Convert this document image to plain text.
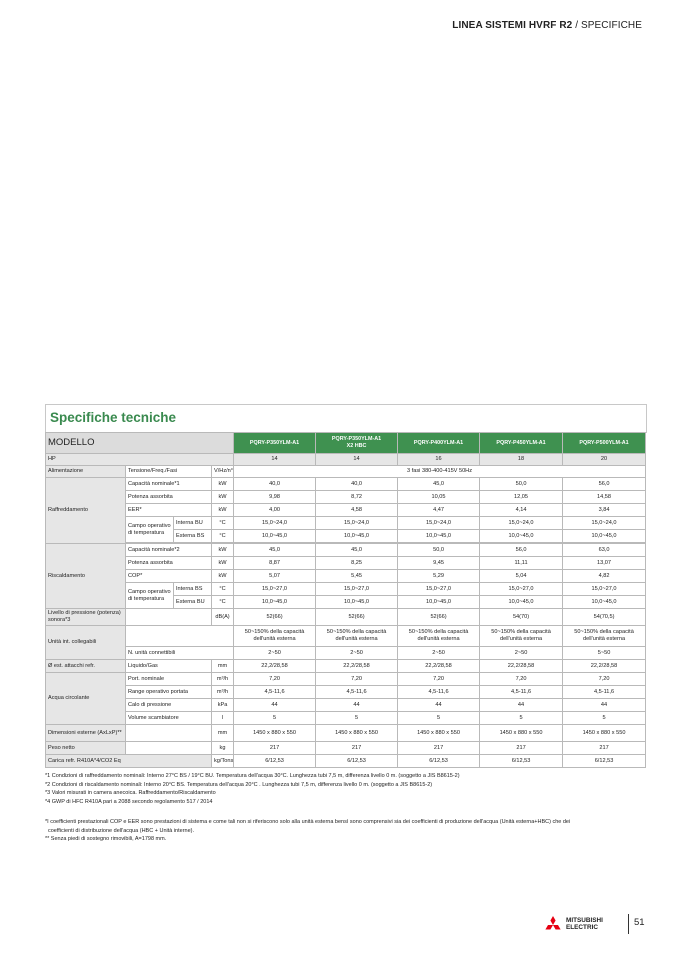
LINEA SISTEMI HVRF R2 / SPECIFICHE
Specifiche tecniche
MODELLO				PQRY-P350YLM-A1	PQRY-P350YLM-A1
X2 HBC	PQRY-P400YLM-A1	PQRY-P450YLM-A1	PQRY-P500YLM-A1
HP				14	14	16	18	20
Alimentazione	Tensione/Freq./Fasi		V/Hz/n°	3 fasi 380-400-415V 50Hz				
Raffreddamento	Capacità nominale*1		kW	40,0	40,0	45,0	50,0	56,0
	Potenza assorbita		kW	9,98	8,72	10,05	12,05	14,58
	EER*		kW	4,00	4,58	4,47	4,14	3,84
	Campo operativo di temperatura	Interna BU	°C	15,0~24,0	15,0~24,0	15,0~24,0	15,0~24,0	15,0~24,0
		Esterna BS	°C	10,0~45,0	10,0~45,0	10,0~45,0	10,0~45,0	10,0~45,0

Riscaldamento	Capacità nominale*2		kW	45,0	45,0	50,0	56,0	63,0
	Potenza assorbita		kW	8,87	8,25	9,45	11,11	13,07
	COP*		kW	5,07	5,45	5,29	5,04	4,82
	Campo operativo di temperatura	Interna BS	°C	15,0~27,0	15,0~27,0	15,0~27,0	15,0~27,0	15,0~27,0
		Esterna BU	°C	10,0~45,0	10,0~45,0	10,0~45,0	10,0~45,0	10,0~45,0
Livello di pressione (potenza) sonora*3			dB(A)	52(66)	52(66)	52(66)	54(70)	54(70,5)
Unità int. collegabili				50~150% della capacità dell'unità esterna	50~150% della capacità dell'unità esterna	50~150% della capacità dell'unità esterna	50~150% della capacità dell'unità esterna	50~150% della capacità dell'unità esterna
	N. unità connettibili			2~50	2~50	2~50	2~50	5~50
Ø est. attacchi refr.	Liquido/Gas		mm	22,2/28,58	22,2/28,58	22,2/28,58	22,2/28,58	22,2/28,58
Acqua circolante	Port. nominale		m³/h	7,20	7,20	7,20	7,20	7,20
	Range operativo portata		m³/h	4,5-11,6	4,5-11,6	4,5-11,6	4,5-11,6	4,5-11,6
	Calo di pressione		kPa	44	44	44	44	44
	Volume scambiatore		l	5	5	5	5	5
Dimensioni esterne (AxLxP)**			mm	1450 x 880 x 550	1450 x 880 x 550	1450 x 880 x 550	1450 x 880 x 550	1450 x 880 x 550
Peso netto			kg	217	217	217	217	217
Carica refr. R410A*4/CO2 Eq			kg/Tons	6/12,53	6/12,53	6/12,53	6/12,53	6/12,53
*1 Condizioni di raffreddamento nominali: Interno 27°C BS / 19°C BU. Temperatura dell'acqua 30°C. Lunghezza tubi 7,5 m, differenza livello 0 m. (soggetto a JIS B8615-2)
*2 Condizioni di riscaldamento nominali: Interno 20°C BS. Temperatura dell'acqua 20°C . Lunghezza tubi 7,5 m, differenza livello 0 m. (soggetto a JIS B8615-2)
*3 Valori misurati in camera anecoica. Raffreddamento/Riscaldamento
*4 GWP di HFC R410A pari a 2088 secondo regolamento 517 / 2014
*I coefficienti prestazionali COP e EER sono prestazioni di sistema e come tali non si riferiscono solo alla unità esterna bensì sono comprensivi sia dei coefficienti di produzione dell'acqua (Unità esterna+HBC) che dei
coefficienti di distribuzione dell'acqua (HBC + Unità interne).
** Senza piedi di sostegno rimovibili, A=1798 mm.
MITSUBISHI
ELECTRIC	51
